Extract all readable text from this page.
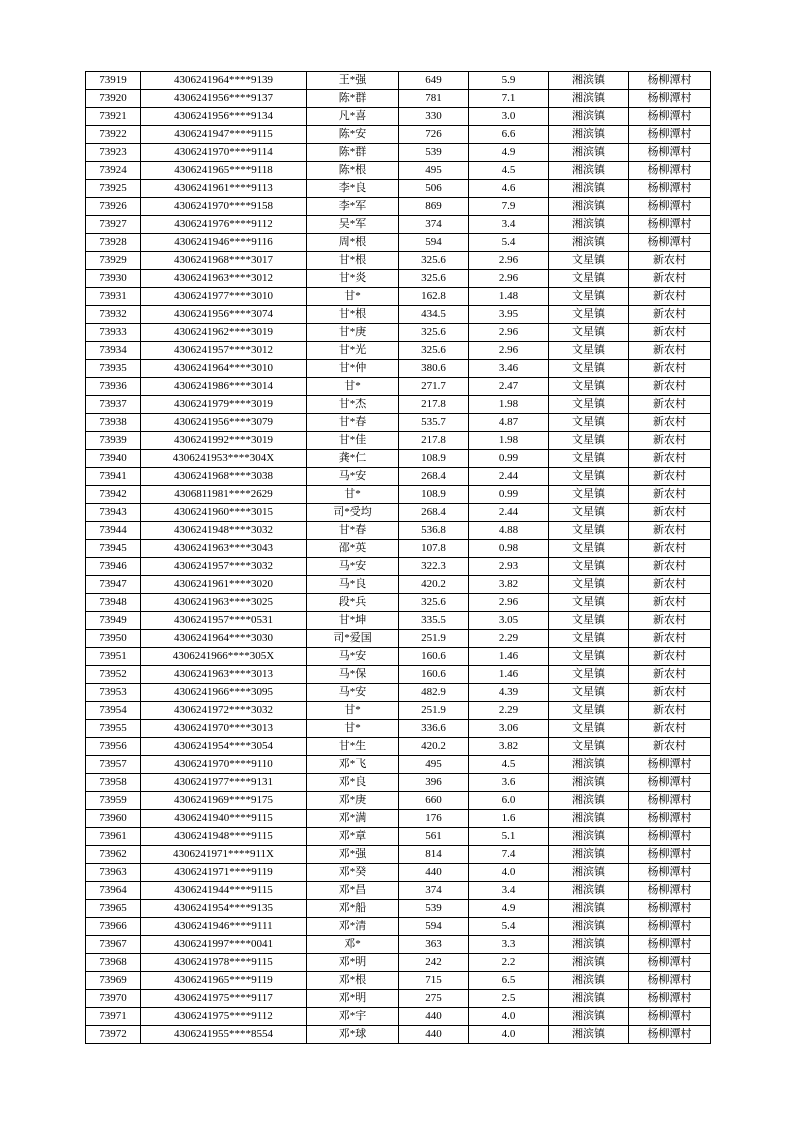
73919	4306241964****9139	王*强	649	5.9	湘滨镇	杨柳潭村
73920	4306241956****9137	陈*群	781	7.1	湘滨镇	杨柳潭村
73921	4306241956****9134	凡*喜	330	3.0	湘滨镇	杨柳潭村
73922	4306241947****9115	陈*安	726	6.6	湘滨镇	杨柳潭村
73923	4306241970****9114	陈*群	539	4.9	湘滨镇	杨柳潭村
73924	4306241965****9118	陈*根	495	4.5	湘滨镇	杨柳潭村
73925	4306241961****9113	李*良	506	4.6	湘滨镇	杨柳潭村
73926	4306241970****9158	李*军	869	7.9	湘滨镇	杨柳潭村
73927	4306241976****9112	吴*军	374	3.4	湘滨镇	杨柳潭村
73928	4306241946****9116	周*根	594	5.4	湘滨镇	杨柳潭村
73929	4306241968****3017	甘*根	325.6	2.96	文星镇	新农村
73930	4306241963****3012	甘*炎	325.6	2.96	文星镇	新农村
73931	4306241977****3010	甘*	162.8	1.48	文星镇	新农村
73932	4306241956****3074	甘*根	434.5	3.95	文星镇	新农村
73933	4306241962****3019	甘*庚	325.6	2.96	文星镇	新农村
73934	4306241957****3012	甘*光	325.6	2.96	文星镇	新农村
73935	4306241964****3010	甘*仲	380.6	3.46	文星镇	新农村
73936	4306241986****3014	甘*	271.7	2.47	文星镇	新农村
73937	4306241979****3019	甘*杰	217.8	1.98	文星镇	新农村
73938	4306241956****3079	甘*春	535.7	4.87	文星镇	新农村
73939	4306241992****3019	甘*佳	217.8	1.98	文星镇	新农村
73940	4306241953****304X	龚*仁	108.9	0.99	文星镇	新农村
73941	4306241968****3038	马*安	268.4	2.44	文星镇	新农村
73942	4306811981****2629	甘*	108.9	0.99	文星镇	新农村
73943	4306241960****3015	司*受均	268.4	2.44	文星镇	新农村
73944	4306241948****3032	甘*春	536.8	4.88	文星镇	新农村
73945	4306241963****3043	邵*英	107.8	0.98	文星镇	新农村
73946	4306241957****3032	马*安	322.3	2.93	文星镇	新农村
73947	4306241961****3020	马*良	420.2	3.82	文星镇	新农村
73948	4306241963****3025	段*兵	325.6	2.96	文星镇	新农村
73949	4306241957****0531	甘*坤	335.5	3.05	文星镇	新农村
73950	4306241964****3030	司*爱国	251.9	2.29	文星镇	新农村
73951	4306241966****305X	马*安	160.6	1.46	文星镇	新农村
73952	4306241963****3013	马*保	160.6	1.46	文星镇	新农村
73953	4306241966****3095	马*安	482.9	4.39	文星镇	新农村
73954	4306241972****3032	甘*	251.9	2.29	文星镇	新农村
73955	4306241970****3013	甘*	336.6	3.06	文星镇	新农村
73956	4306241954****3054	甘*生	420.2	3.82	文星镇	新农村
73957	4306241970****9110	邓*飞	495	4.5	湘滨镇	杨柳潭村
73958	4306241977****9131	邓*良	396	3.6	湘滨镇	杨柳潭村
73959	4306241969****9175	邓*庚	660	6.0	湘滨镇	杨柳潭村
73960	4306241940****9115	邓*满	176	1.6	湘滨镇	杨柳潭村
73961	4306241948****9115	邓*章	561	5.1	湘滨镇	杨柳潭村
73962	4306241971****911X	邓*强	814	7.4	湘滨镇	杨柳潭村
73963	4306241971****9119	邓*癸	440	4.0	湘滨镇	杨柳潭村
73964	4306241944****9115	邓*昌	374	3.4	湘滨镇	杨柳潭村
73965	4306241954****9135	邓*船	539	4.9	湘滨镇	杨柳潭村
73966	4306241946****9111	邓*清	594	5.4	湘滨镇	杨柳潭村
73967	4306241997****0041	邓*	363	3.3	湘滨镇	杨柳潭村
73968	4306241978****9115	邓*明	242	2.2	湘滨镇	杨柳潭村
73969	4306241965****9119	邓*根	715	6.5	湘滨镇	杨柳潭村
73970	4306241975****9117	邓*明	275	2.5	湘滨镇	杨柳潭村
73971	4306241975****9112	邓*宇	440	4.0	湘滨镇	杨柳潭村
73972	4306241955****8554	邓*球	440	4.0	湘滨镇	杨柳潭村
